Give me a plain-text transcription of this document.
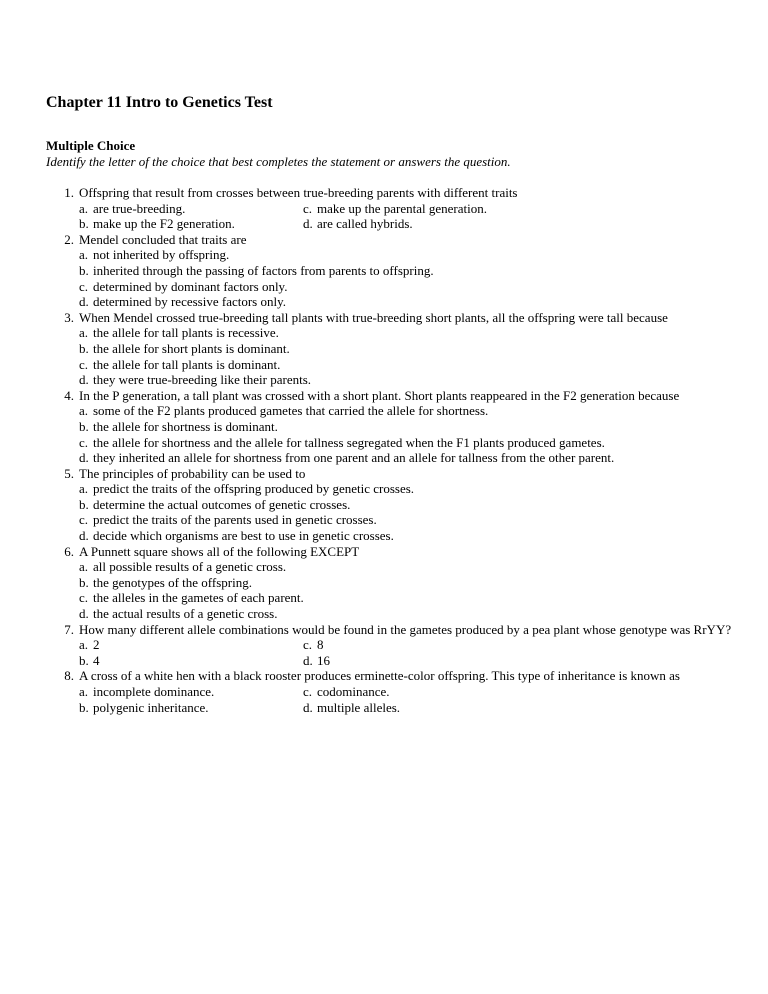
Chapter 11 Intro to Genetics Test
Multiple Choice
Identify the letter of the choice that best completes the statement or answers the question.
1. Offspring that result from crosses between true-breeding parents with different traits
a. are true-breeding.	c. make up the parental generation.
b. make up the F2 generation.	d. are called hybrids.
2. Mendel concluded that traits are
a. not inherited by offspring.
b. inherited through the passing of factors from parents to offspring.
c. determined by dominant factors only.
d. determined by recessive factors only.
3. When Mendel crossed true-breeding tall plants with true-breeding short plants, all the offspring were tall because
a. the allele for tall plants is recessive.
b. the allele for short plants is dominant.
c. the allele for tall plants is dominant.
d. they were true-breeding like their parents.
4. In the P generation, a tall plant was crossed with a short plant. Short plants reappeared in the F2 generation because
a. some of the F2 plants produced gametes that carried the allele for shortness.
b. the allele for shortness is dominant.
c. the allele for shortness and the allele for tallness segregated when the F1 plants produced gametes.
d. they inherited an allele for shortness from one parent and an allele for tallness from the other parent.
5. The principles of probability can be used to
a. predict the traits of the offspring produced by genetic crosses.
b. determine the actual outcomes of genetic crosses.
c. predict the traits of the parents used in genetic crosses.
d. decide which organisms are best to use in genetic crosses.
6. A Punnett square shows all of the following EXCEPT
a. all possible results of a genetic cross.
b. the genotypes of the offspring.
c. the alleles in the gametes of each parent.
d. the actual results of a genetic cross.
7. How many different allele combinations would be found in the gametes produced by a pea plant whose genotype was RrYY?
a. 2	c. 8
b. 4	d. 16
8. A cross of a white hen with a black rooster produces erminette-color offspring. This type of inheritance is known as
a. incomplete dominance.	c. codominance.
b. polygenic inheritance.	d. multiple alleles.
